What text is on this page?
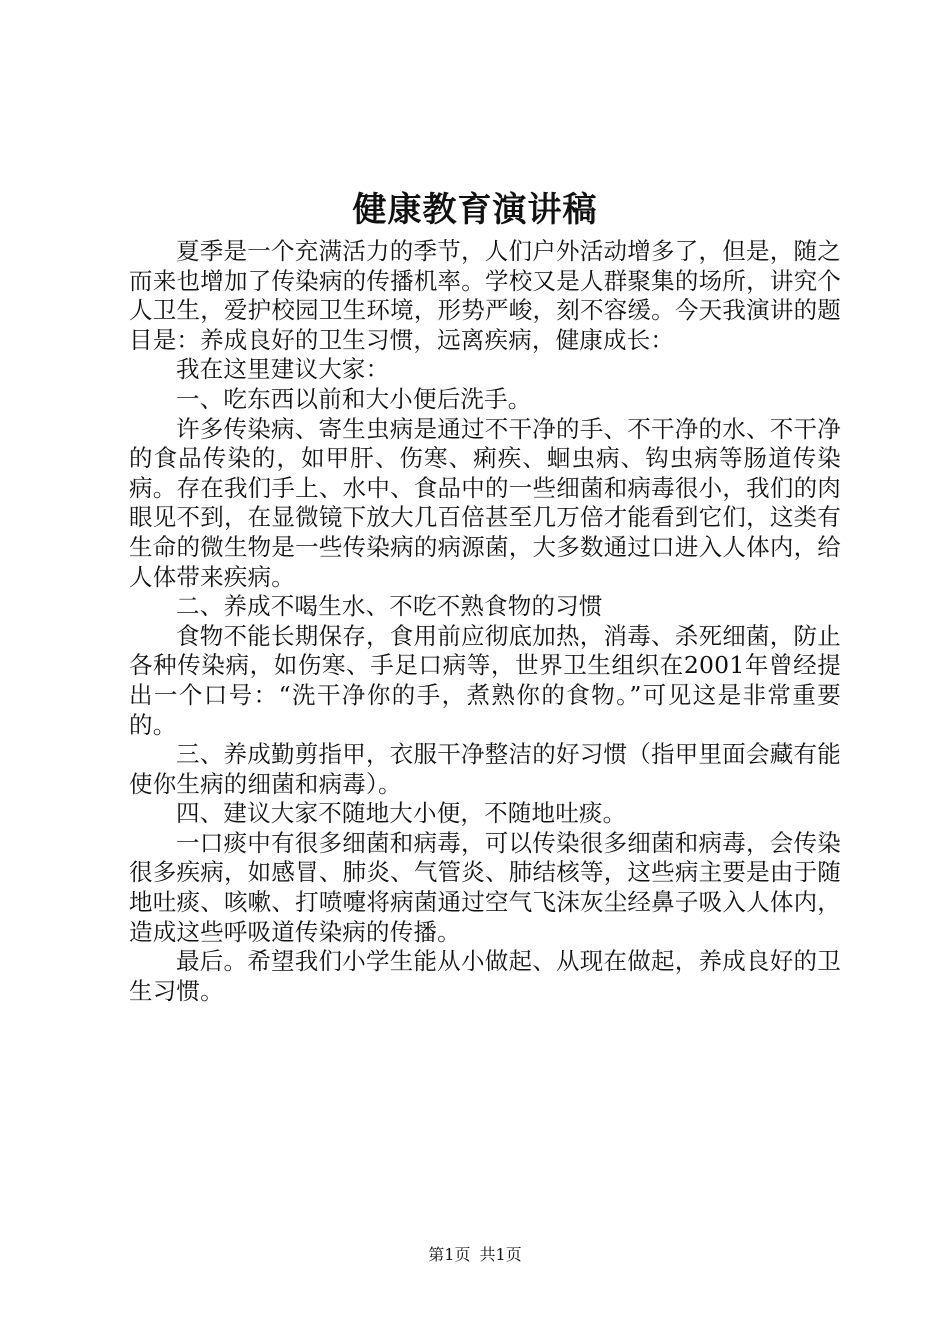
健康教育演讲稿

夏季是一个充满活力的季节，人们户外活动增多了，但是，随之而来也增加了传染病的传播机率。学校又是人群聚集的场所，讲究个人卫生，爱护校园卫生环境，形势严峻，刻不容缓。今天我演讲的题目是：养成良好的卫生习惯，远离疾病，健康成长：

我在这里建议大家：

一、吃东西以前和大小便后洗手。

许多传染病、寄生虫病是通过不干净的手、不干净的水、不干净的食品传染的，如甲肝、伤寒、痢疾、蛔虫病、钩虫病等肠道传染病。存在我们手上、水中、食品中的一些细菌和病毒很小，我们的肉眼见不到，在显微镜下放大几百倍甚至几万倍才能看到它们，这类有生命的微生物是一些传染病的病源菌，大多数通过口进入人体内，给人体带来疾病。

二、养成不喝生水、不吃不熟食物的习惯

食物不能长期保存，食用前应彻底加热，消毒、杀死细菌，防止各种传染病，如伤寒、手足口病等，世界卫生组织在2001年曾经提出一个口号：“洗干净你的手，煮熟你的食物。”可见这是非常重要的。

三、养成勤剪指甲，衣服干净整洁的好习惯（指甲里面会藏有能使你生病的细菌和病毒）。

四、建议大家不随地大小便，不随地吐痰。

一口痰中有很多细菌和病毒，可以传染很多细菌和病毒，会传染很多疾病，如感冒、肺炎、气管炎、肺结核等，这些病主要是由于随地吐痰、咳嗽、打喷嚏将病菌通过空气飞沫灰尘经鼻子吸入人体内，造成这些呼吸道传染病的传播。

最后。希望我们小学生能从小做起、从现在做起，养成良好的卫生习惯。

第1页 共1页
